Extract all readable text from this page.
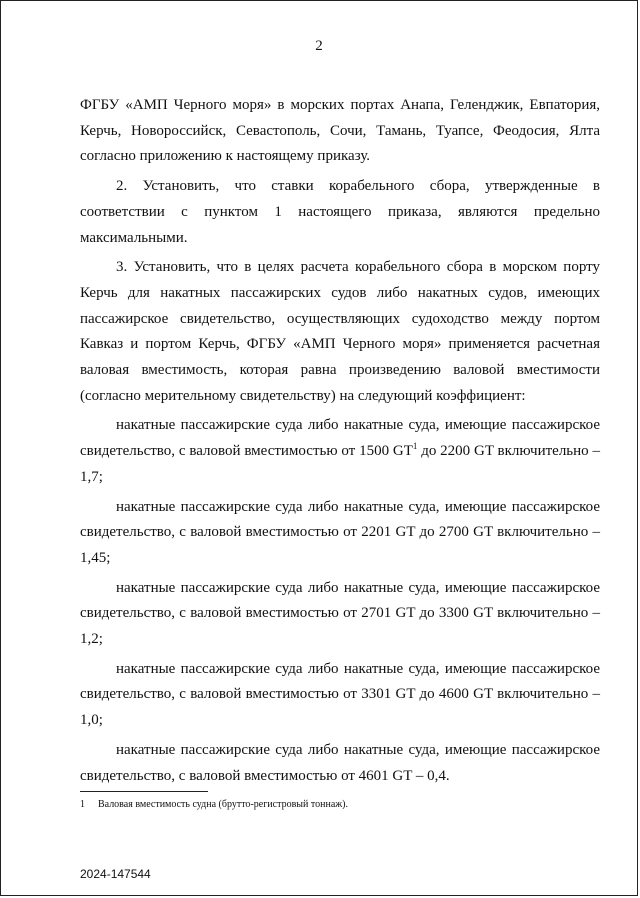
2

ФГБУ «АМП Черного моря» в морских портах Анапа, Геленджик, Евпатория, Керчь, Новороссийск, Севастополь, Сочи, Тамань, Туапсе, Феодосия, Ялта согласно приложению к настоящему приказу.

2. Установить, что ставки корабельного сбора, утвержденные в соответствии с пунктом 1 настоящего приказа, являются предельно максимальными.

3. Установить, что в целях расчета корабельного сбора в морском порту Керчь для накатных пассажирских судов либо накатных судов, имеющих пассажирское свидетельство, осуществляющих судоходство между портом Кавказ и портом Керчь, ФГБУ «АМП Черного моря» применяется расчетная валовая вместимость, которая равна произведению валовой вместимости (согласно мерительному свидетельству) на следующий коэффициент:

накатные пассажирские суда либо накатные суда, имеющие пассажирское свидетельство, с валовой вместимостью от 1500 $GT^1$ до 2200 GT включительно – 1,7;

накатные пассажирские суда либо накатные суда, имеющие пассажирское свидетельство, с валовой вместимостью от 2201 GT до 2700 GT включительно – 1,45;

накатные пассажирские суда либо накатные суда, имеющие пассажирское свидетельство, с валовой вместимостью от 2701 GT до 3300 GT включительно – 1,2;

накатные пассажирские суда либо накатные суда, имеющие пассажирское свидетельство, с валовой вместимостью от 3301 GT до 4600 GT включительно – 1,0;

накатные пассажирские суда либо накатные суда, имеющие пассажирское свидетельство, с валовой вместимостью от 4601 GT – 0,4.

1 Валовая вместимость судна (брутто-регистровый тоннаж).
2024-147544
